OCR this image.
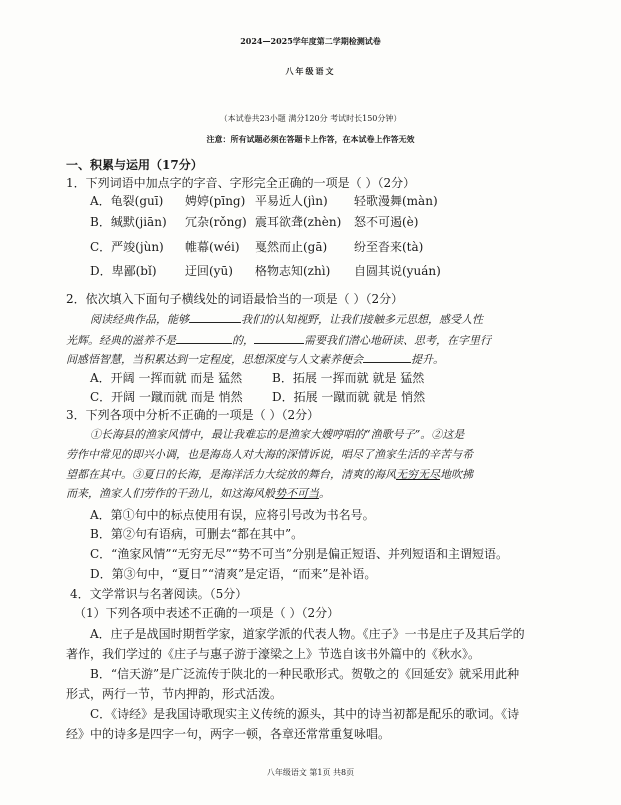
2024—2025学年度第二学期检测试卷
八年级语文
（本试卷共23小题 满分120分 考试时长150分钟）
注意：所有试题必须在答题卡上作答，在本试卷上作答无效
一、积累与运用（17分）
1．下列词语中加点字的字音、字形完全正确的一项是（ ）（2分）
A．龟裂(guī) 娉婷(pīng) 平易近人(jìn) 轻歌漫舞(màn)
B．缄默(jiān) 冗杂(rǒng) 震耳欲聋(zhèn) 怒不可遏(è)
C．严竣(jùn) 帷幕(wéi) 戛然而止(gā) 纷至沓来(tà)
D．卑鄙(bǐ) 迂回(yū) 格物志知(zhì) 自圆其说(yuán)
2．依次填入下面句子横线处的词语最恰当的一项是（ ）（2分）
阅读经典作品，能够	我们的认知视野，让我们接触多元思想，感受人性
光辉。经典的滋养不是	的，	需要我们潜心地研读、思考，在字里行
间感悟智慧，当积累达到一定程度，思想深度与人文素养便会	提升。
A．开阔 一挥而就 而是 猛然 B．拓展 一挥而就 就是 猛然
C．开阔 一蹴而就 而是 悄然 D．拓展 一蹴而就 就是 悄然
3．下列各项中分析不正确的一项是（ ）（2分）
①长海县的渔家风情中，最让我难忘的是渔家大嫂哼唱的“渔歌号子”。②这是
劳作中常见的即兴小调，也是海岛人对大海的深情诉说，唱尽了渔家生活的辛苦与希
望都在其中。③夏日的长海，是海洋活力大绽放的舞台，清爽的海风无穷无尽地吹拂
而来，渔家人们劳作的干劲儿，如这海风般势不可当。
A．第①句中的标点使用有误，应将引号改为书名号。
B．第②句有语病，可删去“都在其中”。
C．“渔家风情”“无穷无尽”“势不可当”分别是偏正短语、并列短语和主谓短语。
D．第③句中，“夏日”“清爽”是定语，“而来”是补语。
4．文学常识与名著阅读。（5分）
（1）下列各项中表述不正确的一项是（ ）（2分）
A．庄子是战国时期哲学家，道家学派的代表人物。《庄子》一书是庄子及其后学的
著作，我们学过的《庄子与惠子游于濠梁之上》节选自该书外篇中的《秋水》。
B．“信天游”是广泛流传于陕北的一种民歌形式。贺敬之的《回延安》就采用此种
形式，两行一节，节内押韵，形式活泼。
C．《诗经》是我国诗歌现实主义传统的源头，其中的诗当初都是配乐的歌词。《诗
经》中的诗多是四字一句，两字一顿，各章还常常重复咏唱。
八年级语文 第1页 共8页
